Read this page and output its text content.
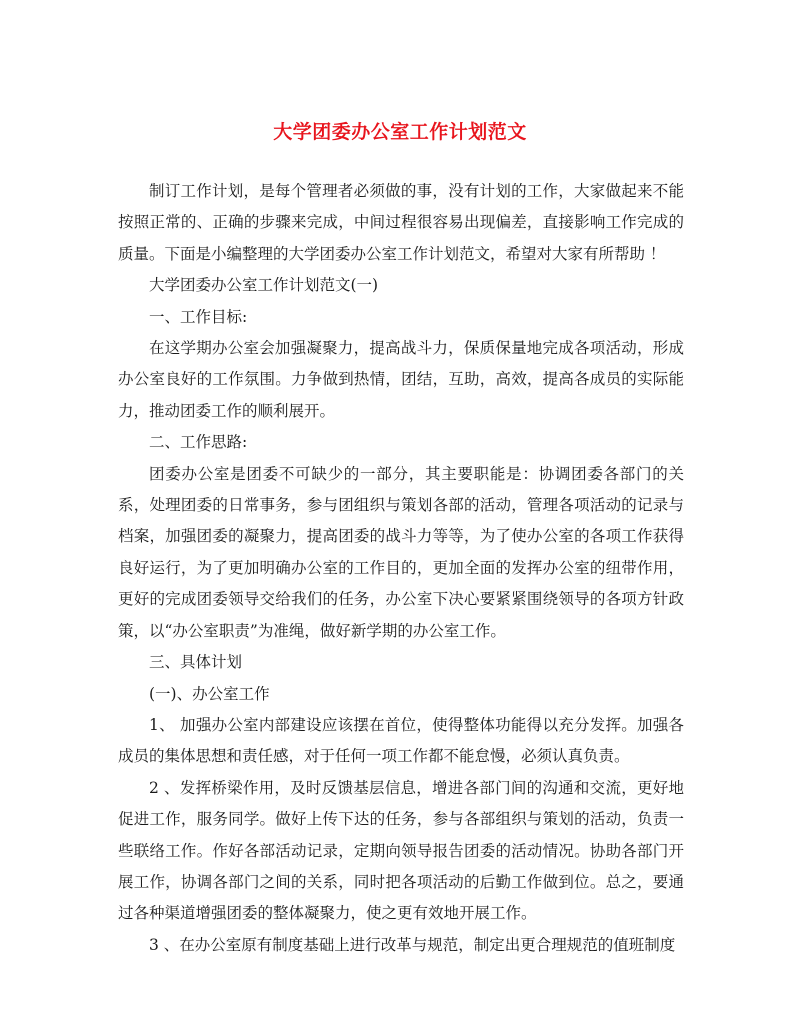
大学团委办公室工作计划范文

制订工作计划，是每个管理者必须做的事，没有计划的工作，大家做起来不能按照正常的、正确的步骤来完成，中间过程很容易出现偏差，直接影响工作完成的质量。下面是小编整理的大学团委办公室工作计划范文，希望对大家有所帮助 ！

大学团委办公室工作计划范文(一)

一、工作目标:

在这学期办公室会加强凝聚力，提高战斗力，保质保量地完成各项活动，形成办公室良好的工作氛围。力争做到热情，团结，互助，高效，提高各成员的实际能力，推动团委工作的顺利展开。

二、工作思路:

团委办公室是团委不可缺少的一部分，其主要职能是：协调团委各部门的关系，处理团委的日常事务，参与团组织与策划各部的活动，管理各项活动的记录与档案，加强团委的凝聚力，提高团委的战斗力等等，为了使办公室的各项工作获得良好运行，为了更加明确办公室的工作目的，更加全面的发挥办公室的纽带作用，更好的完成团委领导交给我们的任务，办公室下决心要紧紧围绕领导的各项方针政策，以“办公室职责”为准绳，做好新学期的办公室工作。

三、具体计划

(一)、办公室工作

1、 加强办公室内部建设应该摆在首位，使得整体功能得以充分发挥。加强各成员的集体思想和责任感，对于任何一项工作都不能怠慢，必须认真负责。

2 、发挥桥梁作用，及时反馈基层信息，增进各部门间的沟通和交流，更好地促进工作，服务同学。做好上传下达的任务，参与各部组织与策划的活动，负责一些联络工作。作好各部活动记录，定期向领导报告团委的活动情况。协助各部门开展工作，协调各部门之间的关系，同时把各项活动的后勤工作做到位。总之，要通过各种渠道增强团委的整体凝聚力，使之更有效地开展工作。

3 、在办公室原有制度基础上进行改革与规范，制定出更合理规范的值班制度
